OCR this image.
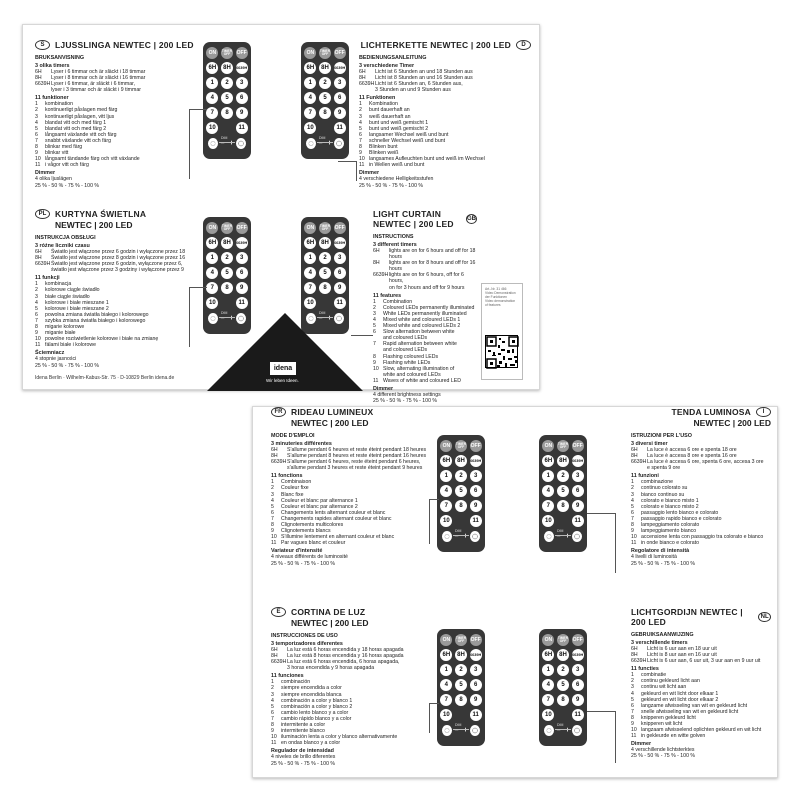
S	LJUSSLINGA NEWTEC | 200 LED
BRUKSANVISNING
3 olika timers
6H	Lyser i 6 timmar och är släckt i 18 timmar
8H	Lyser i 8 timmar och är släckt i 16 timmar
6639H Lyser i 6 timmar, är släckt i 6 timmar,
lyser i 3 timmar och är släckt i 9 timmar
11 funktioner
1	kombination
2	kontinuerligt påslagen med färg
3	kontinuerligt påslagen, vitt ljus
4	blandat vitt och med färg 1
5	blandat vitt och med färg 2
6	långsamt växlande vitt och färg
7	snabbt växlande vitt och färg
8	blinkar med färg
9	blinkar vitt
10 långsamt tändande färg och vitt växlande
11 i vågor vitt och färg
Dimmer
4 olika ljuslägen
25 % - 50 % - 75 % - 100 %
LICHTERKETTE NEWTEC | 200 LED	D
BEDIENUNGSANLEITUNG
3 verschiedene Timer
6H	Licht ist 6 Stunden an und 18 Stunden aus
8H	Licht ist 8 Stunden an und 16 Stunden aus
6639H Licht ist 6 Stunden an, 6 Stunden aus,
3 Stunden an und 9 Stunden aus
11 Funktionen
1	Kombination
2	bunt dauerhaft an
3	weiß dauerhaft an
4	bunt und weiß gemischt 1
5	bunt und weiß gemischt 2
6	langsamer Wechsel weiß und bunt
7	schneller Wechsel weiß und bunt
8	Blinken bunt
9	Blinken weiß
10 langsames Aufleuchten bunt und weiß im Wechsel
11 in Wellen weiß und bunt
Dimmer
4 verschiedene Helligkeitsstufen
25 % - 50 % - 75 % - 100 %
PL	KURTYNA ŚWIETLNA
NEWTEC | 200 LED
INSTRUKCJA OBSŁUGI
3 różne liczniki czasu
6H	Światło jest włączone przez 6 godzin i wyłączone przez 18
8H	Światło jest włączone przez 8 godzin i wyłączone przez 16
6639H Światło jest włączone przez 6 godzin, wyłączone przez 6,
światło jest włączone przez 3 godziny i wyłączone przez 9
11 funkcji
1	kombinacja
2	kolorowe ciągle świadło
3	białe ciągle świadło
4	kolorowe i białe mieszane 1
5	kolorowe i białe mieszane 2
6	powolna zmiana światła białego i kolorowego
7	szybka zmiana światła białego i kolorowego
8	migarie kolorowe
9	miganie białe
10 powolne rozświetlenie kolorowe i białe na zmianę
11 fálami białe i kolorowe
Ściemniacz
4 stopnie jasności
25 % - 50 % - 75 % - 100 %
LIGHT CURTAIN NEWTEC | 200 LED	GB
INSTRUCTIONS
3 different timers
6H	lights are on for 6 hours and off for 18 hours
8H	lights are on for 8 hours and off for 16 hours
6639H lights are on for 6 hours, off for 6 hours,
on for 3 hours and off for 9 hours
11 features
1	Combination
2	Coloured LEDs permanently illuminated
3	White LEDs permanently illuminated
4	Mixed white and coloured LEDs 1
5	Mixed white and coloured LEDs 2
6	Slow alternation between white
and coloured LEDs
7	Rapid alternation between white
and coloured LEDs
8	Flashing coloured LEDs
9	Flashing white LEDs
10 Slow, alternating illumination of
white and coloured LEDs
11 Waves of white and coloured LED
Dimmer
4 different brightness settings
25 % - 50 % - 75 % - 100 %
ON	TIMER OFF	OFF
6H	8H	6639H
1	2	3
4	5	6
7	8	9
10	11
DIM
– +
ON	TIMER OFF	OFF
6H	8H	6639H
1	2	3
4	5	6
7	8	9
10	11
DIM
– +
ON	TIMER OFF	OFF
6H	8H	6639H
1	2	3
4	5	6
7	8	9
10	11
DIM
– +
ON	TIMER OFF	OFF
6H	8H	6639H
1	2	3
4	5	6
7	8	9
10	11
DIM
– +
idena
Wir leben Ideen.
Art.-Nr. 31 466
Video Demonstration
der Funktionen
Video demonstration
of features
Idena Berlin · Wilhelm-Kabus-Str. 75 · D-10829 Berlin idena.de
FR	RIDEAU LUMINEUX
NEWTEC | 200 LED
MODE D'EMPLOI
3 minuteries différentes
6H	S'allume pendant 6 heures et reste éteint pendant 18 heures
8H	S'allume pendant 8 heures et reste éteint pendant 16 heures
6639H S'allume pendant 6 heures, reste éteint pendant 6 heures,
s'allume pendant 3 heures et reste éteint pendant 9 heures
11 fonctions
1	Combinaison
2	Couleur fixe
3	Blanc fixe
4	Couleur et blanc par alternance 1
5	Couleur et blanc par alternance 2
6	Changements lents alternant couleur et blanc
7	Changements rapides alternant couleur et blanc
8	Clignotements multicolores
9	Clignotements blancs
10 S'illumine lentement en alternant couleur et blanc
11 Par vagues blanc et couleur
Variateur d'intensité
4 niveaux différents de luminosité
25 % - 50 % - 75 % - 100 %
TENDA LUMINOSA	I
NEWTEC | 200 LED
ISTRUZIONI PER L'USO
3 diversi timer
6H	La luce è accesa 6 ore e spenta 18 ore
8H	La luce è accesa 8 ore e spenta 16 ore
6639H La luce è accesa 6 ore, spenta 6 ore, accesa 3 ore
e spenta 9 ore
11 funzioni
1	combinazione
2	continuo colorato su
3	bianco continuo su
4	colorato e bianco misto 1
5	colorato e bianco misto 2
6	passaggio lento bianco e colorato
7	passaggio rapido bianco e colorato
8	lampeggiamento colorato
9	lampeggiamento bianco
10 accensione lenta con passaggio tra colorato e bianco
11 in onde bianco e colorato
Regolatore di intensità
4 livelli di luminosità
25 % - 50 % - 75 % - 100 %
E	CORTINA DE LUZ
NEWTEC | 200 LED
INSTRUCCIONES DE USO
3 temporizadores diferentes
6H	La luz está 6 horas encendida y 18 horas apagada
8H	La luz está 8 horas encendida y 16 horas apagada
6639H La luz está 6 horas encendida, 6 horas apagada,
3 horas encendida y 9 horas apagada
11 funciones
1	combinación
2	siempre encendida a color
3	siempre encendida blanca
4	combinación a color y blanco 1
5	combinación a color y blanco 2
6	cambio lento blanco y a color
7	cambio rápido blanco y a color
8	intermitente a color
9	intermitente blanco
10 iluminación lenta a color y blanco alternativamente
11 en ondas blanco y a color
Regulador de intensidad
4 niveles de brillo diferentes
25 % - 50 % - 75 % - 100 %
LICHTGORDIJN NEWTEC | 200 LED	NL
GEBRUIKSAANWIJZING
3 verschillende timers
6H	Licht is 6 uur aan en 18 uur uit
8H	Licht is 8 uur aan en 16 uur uit
6639H Licht is 6 uur aan, 6 uur uit, 3 uur aan en 9 uur uit
11 functies
1	combinatie
2	continu gekleurd licht aan
3	continu wit licht aan
4	gekleurd en wit licht door elkaar 1
5	gekleurd en wit licht door elkaar 2
6	langzame afwisseling van wit en gekleurd licht
7	snelle afwisseling van wit en gekleurd licht
8	knipperen gekleurd licht
9	knipperen wit licht
10 langzaam afwisselend oplichten gekleurd en wit licht
11 in gekleurde en witte golven
Dimmer
4 verschillende lichtsterktes
25 % - 50 % - 75 % - 100 %
ON	TIMER OFF	OFF
6H	8H	6639H
1	2	3
4	5	6
7	8	9
10	11
DIM
– +
ON	TIMER OFF	OFF
6H	8H	6639H
1	2	3
4	5	6
7	8	9
10	11
DIM
– +
ON	TIMER OFF	OFF
6H	8H	6639H
1	2	3
4	5	6
7	8	9
10	11
DIM
– +
ON	TIMER OFF	OFF
6H	8H	6639H
1	2	3
4	5	6
7	8	9
10	11
DIM
– +
